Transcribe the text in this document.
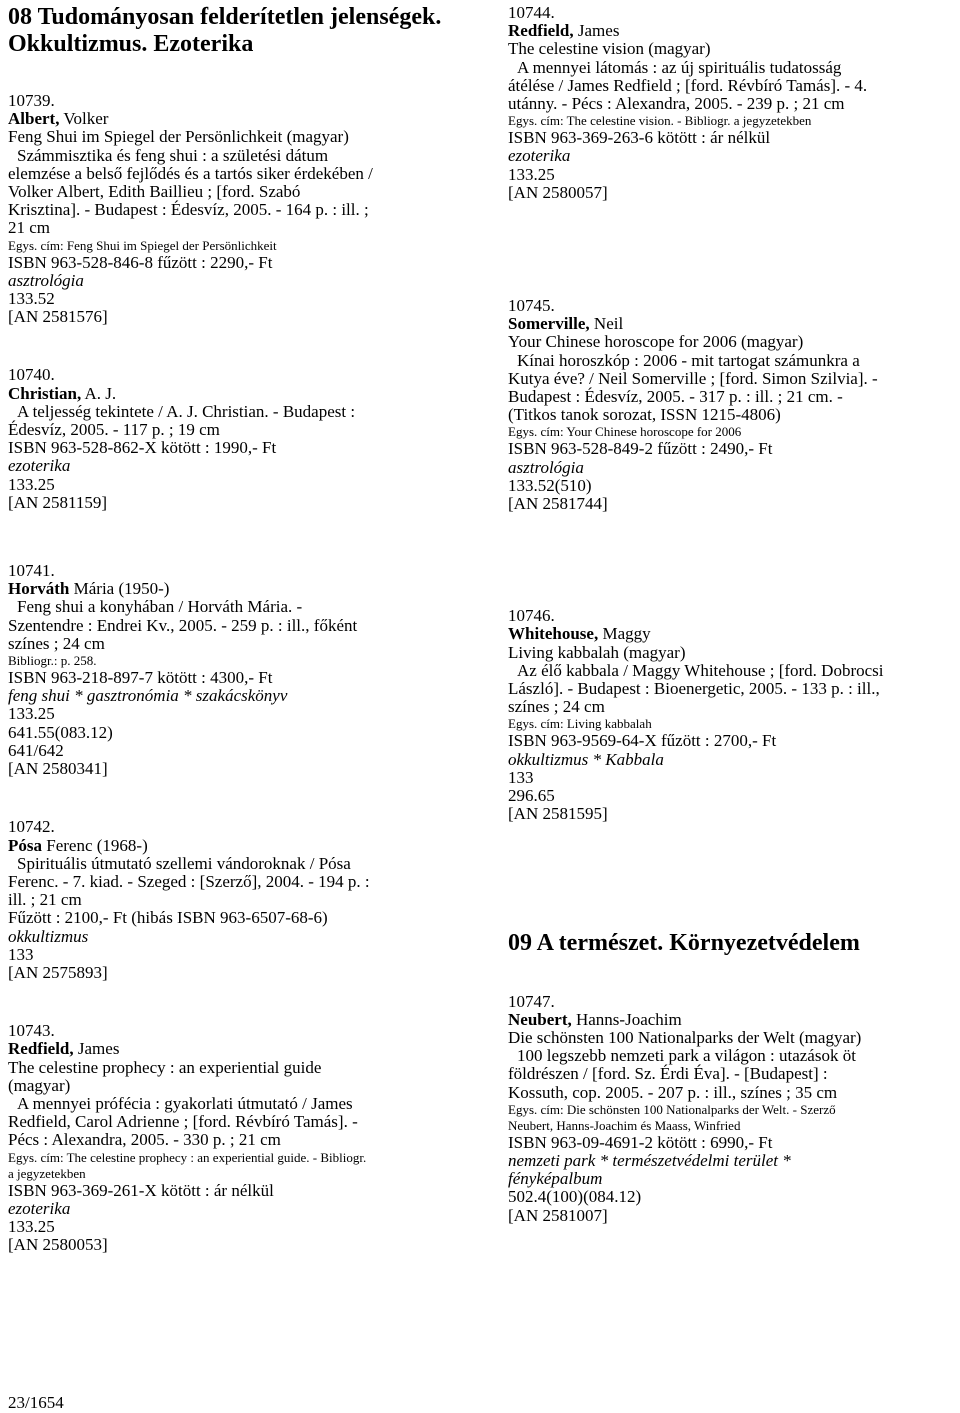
08 Tudományosan felderítetlen jelenségek.
Okkultizmus. Ezoterika
10739.
Albert, Volker
Feng Shui im Spiegel der Persönlichkeit (magyar)
Számmisztika és feng shui : a születési dátum
elemzése a belső fejlődés és a tartós siker érdekében /
Volker Albert, Edith Baillieu ; [ford. Szabó
Krisztina]. - Budapest : Édesvíz, 2005. - 164 p. : ill. ;
21 cm
Egys. cím: Feng Shui im Spiegel der Persönlichkeit
ISBN 963-528-846-8 fűzött : 2290,- Ft
asztrológia
133.52
[AN 2581576]
10740.
Christian, A. J.
A teljesség tekintete / A. J. Christian. - Budapest :
Édesvíz, 2005. - 117 p. ; 19 cm
ISBN 963-528-862-X kötött : 1990,- Ft
ezoterika
133.25
[AN 2581159]
10741.
Horváth Mária (1950-)
Feng shui a konyhában / Horváth Mária. -
Szentendre : Endrei Kv., 2005. - 259 p. : ill., főként
színes ; 24 cm
Bibliogr.: p. 258.
ISBN 963-218-897-7 kötött : 4300,- Ft
feng shui * gasztronómia * szakácskönyv
133.25
641.55(083.12)
641/642
[AN 2580341]
10742.
Pósa Ferenc (1968-)
Spirituális útmutató szellemi vándoroknak / Pósa
Ferenc. - 7. kiad. - Szeged : [Szerző], 2004. - 194 p. :
ill. ; 21 cm
Fűzött : 2100,- Ft (hibás ISBN 963-6507-68-6)
okkultizmus
133
[AN 2575893]
10743.
Redfield, James
The celestine prophecy : an experiential guide
(magyar)
A mennyei prófécia : gyakorlati útmutató / James
Redfield, Carol Adrienne ; [ford. Révbíró Tamás]. -
Pécs : Alexandra, 2005. - 330 p. ; 21 cm
Egys. cím: The celestine prophecy : an experiential guide. - Bibliogr.
a jegyzetekben
ISBN 963-369-261-X kötött : ár nélkül
ezoterika
133.25
[AN 2580053]
10744.
Redfield, James
The celestine vision (magyar)
A mennyei látomás : az új spirituális tudatosság
átélése / James Redfield ; [ford. Révbíró Tamás]. - 4.
utánny. - Pécs : Alexandra, 2005. - 239 p. ; 21 cm
Egys. cím: The celestine vision. - Bibliogr. a jegyzetekben
ISBN 963-369-263-6 kötött : ár nélkül
ezoterika
133.25
[AN 2580057]
10745.
Somerville, Neil
Your Chinese horoscope for 2006 (magyar)
Kínai horoszkóp : 2006 - mit tartogat számunkra a
Kutya éve? / Neil Somerville ; [ford. Simon Szilvia]. -
Budapest : Édesvíz, 2005. - 317 p. : ill. ; 21 cm. -
(Titkos tanok sorozat, ISSN 1215-4806)
Egys. cím: Your Chinese horoscope for 2006
ISBN 963-528-849-2 fűzött : 2490,- Ft
asztrológia
133.52(510)
[AN 2581744]
10746.
Whitehouse, Maggy
Living kabbalah (magyar)
Az élő kabbala / Maggy Whitehouse ; [ford. Dobrocsi
László]. - Budapest : Bioenergetic, 2005. - 133 p. : ill.,
színes ; 24 cm
Egys. cím: Living kabbalah
ISBN 963-9569-64-X fűzött : 2700,- Ft
okkultizmus * Kabbala
133
296.65
[AN 2581595]
09 A természet. Környezetvédelem
10747.
Neubert, Hanns-Joachim
Die schönsten 100 Nationalparks der Welt (magyar)
100 legszebb nemzeti park a világon : utazások öt
földrészen / [ford. Sz. Érdi Éva]. - [Budapest] :
Kossuth, cop. 2005. - 207 p. : ill., színes ; 35 cm
Egys. cím: Die schönsten 100 Nationalparks der Welt. - Szerző
Neubert, Hanns-Joachim és Maass, Winfried
ISBN 963-09-4691-2 kötött : 6990,- Ft
nemzeti park * természetvédelmi terület *
fényképalbum
502.4(100)(084.12)
[AN 2581007]
23/1654
